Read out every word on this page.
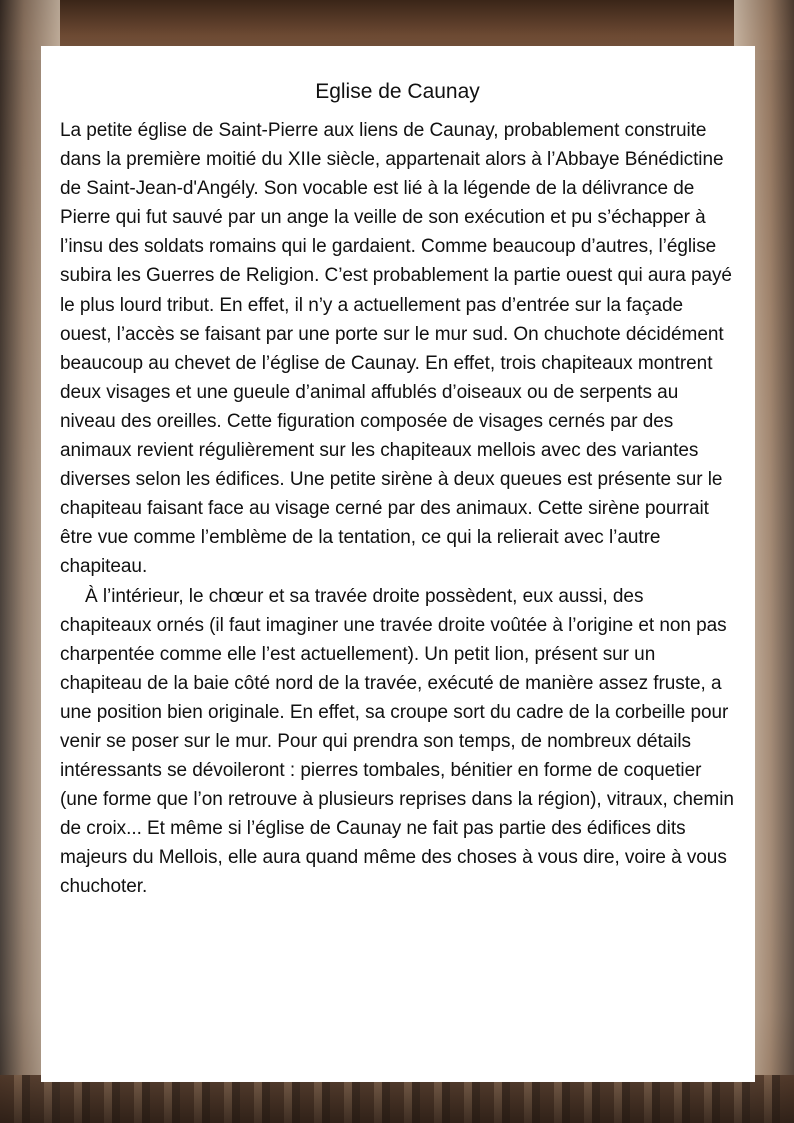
Eglise de Caunay

La petite église de Saint-Pierre aux liens de Caunay, probablement construite dans la première moitié du XIIe siècle, appartenait alors à l’Abbaye Bénédictine de Saint-Jean-d'Angély. Son vocable est lié à la légende de la délivrance de Pierre qui fut sauvé par un ange la veille de son exécution et pu s’échapper à l’insu des soldats romains qui le gardaient. Comme beaucoup d’autres, l’église subira les Guerres de Religion. C’est probablement la partie ouest qui aura payé le plus lourd tribut. En effet, il n’y a actuellement pas d’entrée sur la façade ouest, l’accès se faisant par une porte sur le mur sud. On chuchote décidément beaucoup au chevet de l’église de Caunay. En effet, trois chapiteaux montrent deux visages et une gueule d’animal affublés d’oiseaux ou de serpents au niveau des oreilles. Cette figuration composée de visages cernés par des animaux revient régulièrement sur les chapiteaux mellois avec des variantes diverses selon les édifices. Une petite sirène à deux queues est présente sur le chapiteau faisant face au visage cerné par des animaux. Cette sirène pourrait être vue comme l’emblème de la tentation, ce qui la relierait avec l’autre chapiteau.

À l’intérieur, le chœur et sa travée droite possèdent, eux aussi, des chapiteaux ornés (il faut imaginer une travée droite voûtée à l’origine et non pas charpentée comme elle l’est actuellement). Un petit lion, présent sur un chapiteau de la baie côté nord de la travée, exécuté de manière assez fruste, a une position bien originale. En effet, sa croupe sort du cadre de la corbeille pour venir se poser sur le mur. Pour qui prendra son temps, de nombreux détails intéressants se dévoileront : pierres tombales, bénitier en forme de coquetier (une forme que l’on retrouve à plusieurs reprises dans la région), vitraux, chemin de croix... Et même si l’église de Caunay ne fait pas partie des édifices dits majeurs du Mellois, elle aura quand même des choses à vous dire, voire à vous chuchoter.
